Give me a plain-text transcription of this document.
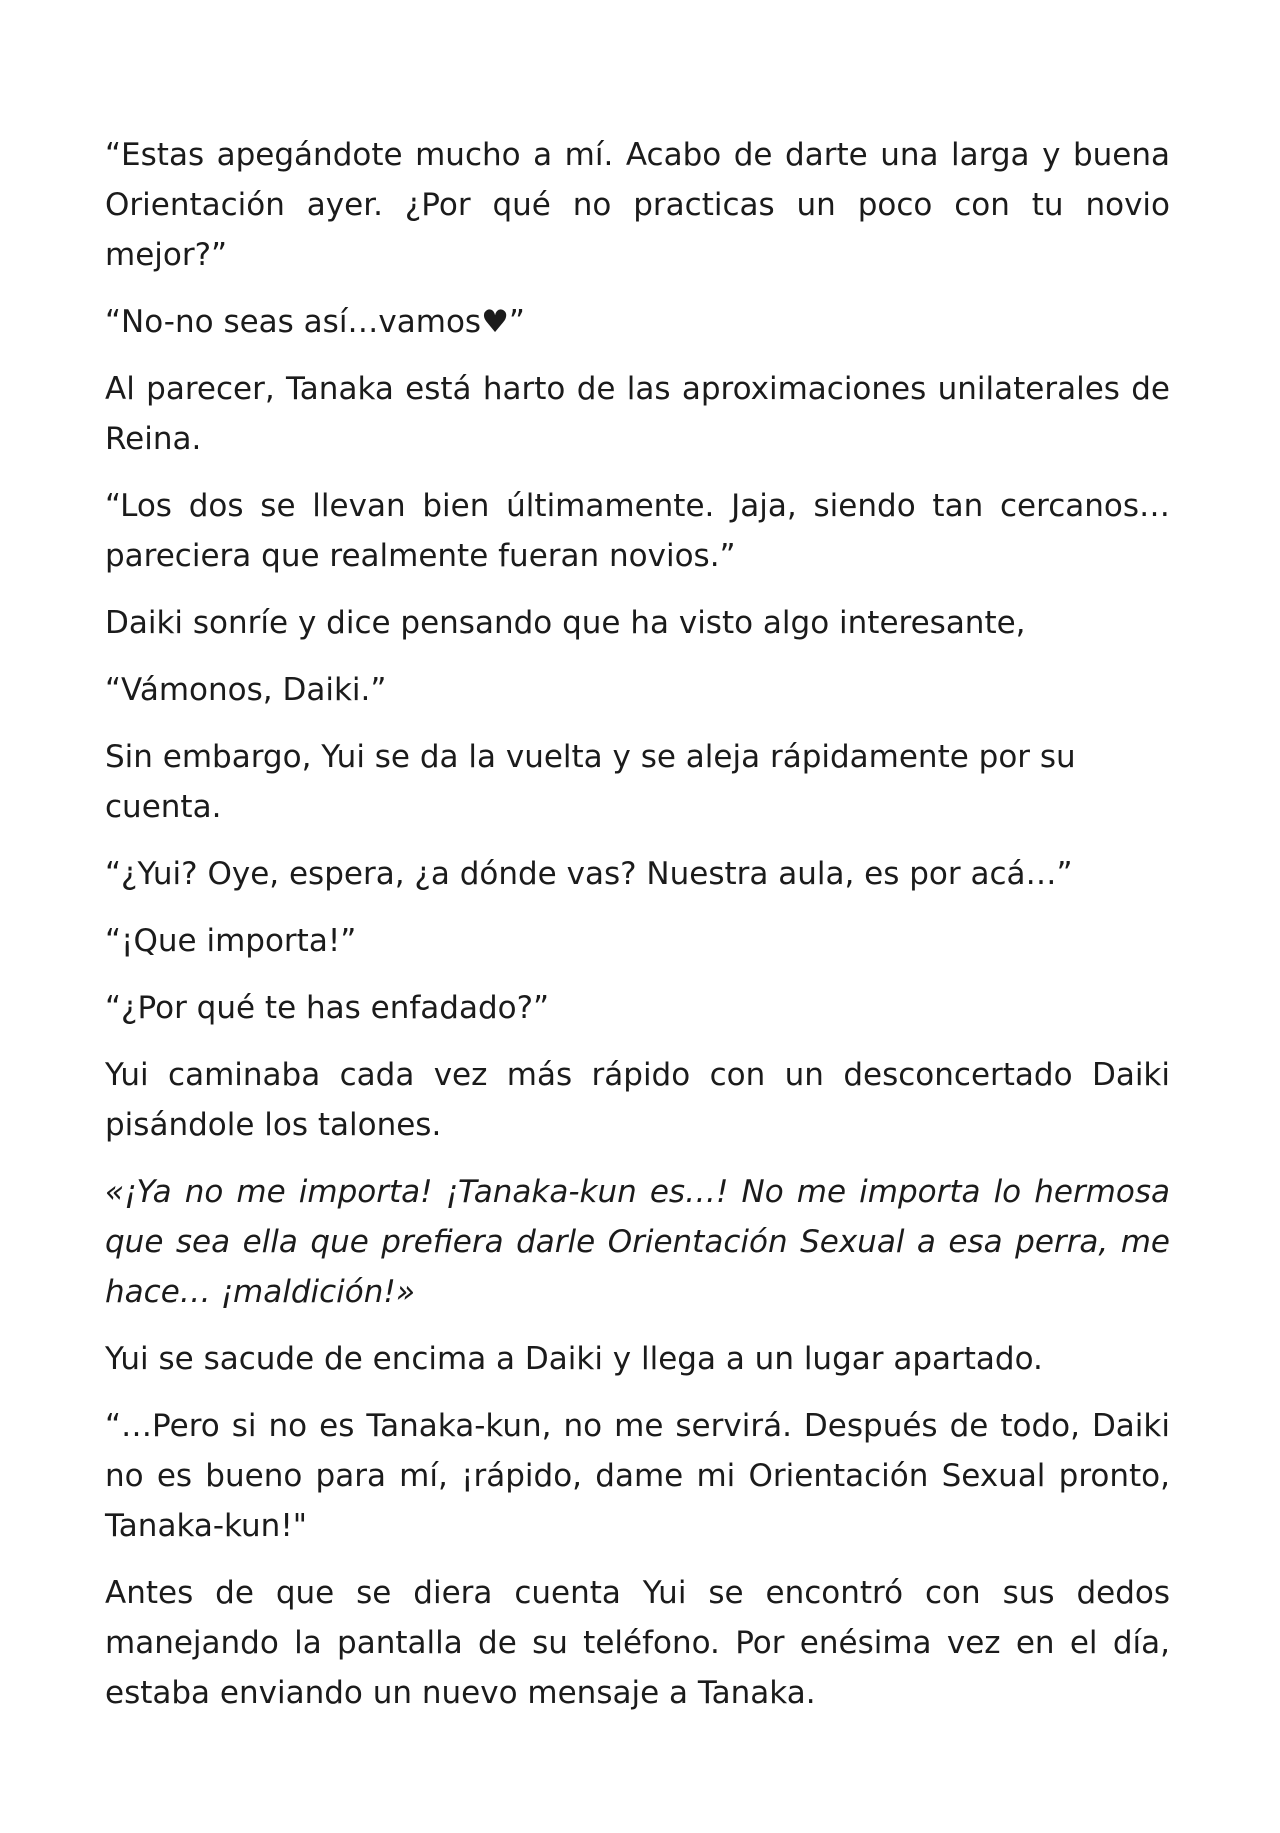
“Estas apegándote mucho a mí. Acabo de darte una larga y buena Orientación ayer. ¿Por qué no practicas un poco con tu novio mejor?”

“No-no seas así…vamos♥”

Al parecer, Tanaka está harto de las aproximaciones unilaterales de Reina.

“Los dos se llevan bien últimamente. Jaja, siendo tan cercanos… pareciera que realmente fueran novios.”

Daiki sonríe y dice pensando que ha visto algo interesante,

“Vámonos, Daiki.”

Sin embargo, Yui se da la vuelta y se aleja rápidamente por su cuenta.

“¿Yui? Oye, espera, ¿a dónde vas? Nuestra aula, es por acá…”

“¡Que importa!”

“¿Por qué te has enfadado?”

Yui caminaba cada vez más rápido con un desconcertado Daiki pisándole los talones.

«¡Ya no me importa! ¡Tanaka-kun es…! No me importa lo hermosa que sea ella que prefiera darle Orientación Sexual a esa perra, me hace… ¡maldición!»

Yui se sacude de encima a Daiki y llega a un lugar apartado.

“…Pero si no es Tanaka-kun, no me servirá. Después de todo, Daiki no es bueno para mí, ¡rápido, dame mi Orientación Sexual pronto, Tanaka-kun!"

Antes de que se diera cuenta Yui se encontró con sus dedos manejando la pantalla de su teléfono. Por enésima vez en el día, estaba enviando un nuevo mensaje a Tanaka.
